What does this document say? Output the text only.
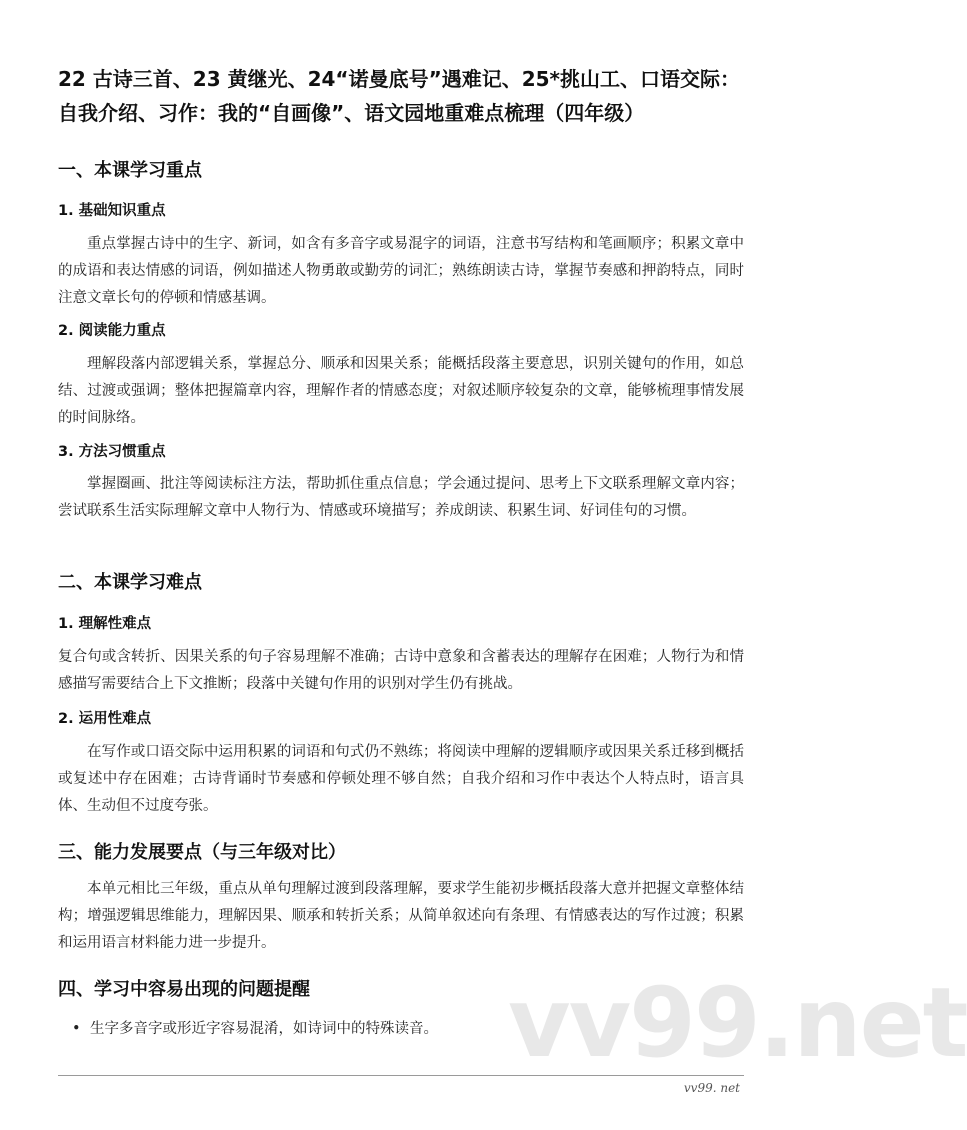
22 古诗三首、23 黄继光、24“诺曼底号”遇难记、25*挑山工、口语交际：自我介绍、习作：我的“自画像”、语文园地重难点梳理（四年级）
一、本课学习重点
1. 基础知识重点

重点掌握古诗中的生字、新词，如含有多音字或易混字的词语，注意书写结构和笔画顺序；积累文章中的成语和表达情感的词语，例如描述人物勇敢或勤劳的词汇；熟练朗读古诗，掌握节奏感和押韵特点，同时注意文章长句的停顿和情感基调。

2. 阅读能力重点

理解段落内部逻辑关系，掌握总分、顺承和因果关系；能概括段落主要意思，识别关键句的作用，如总结、过渡或强调；整体把握篇章内容，理解作者的情感态度；对叙述顺序较复杂的文章，能够梳理事情发展的时间脉络。

3. 方法习惯重点

掌握圈画、批注等阅读标注方法，帮助抓住重点信息；学会通过提问、思考上下文联系理解文章内容；尝试联系生活实际理解文章中人物行为、情感或环境描写；养成朗读、积累生词、好词佳句的习惯。

二、本课学习难点
1. 理解性难点

复合句或含转折、因果关系的句子容易理解不准确；古诗中意象和含蓄表达的理解存在困难；人物行为和情感描写需要结合上下文推断；段落中关键句作用的识别对学生仍有挑战。

2. 运用性难点

在写作或口语交际中运用积累的词语和句式仍不熟练；将阅读中理解的逻辑顺序或因果关系迁移到概括或复述中存在困难；古诗背诵时节奏感和停顿处理不够自然；自我介绍和习作中表达个人特点时，语言具体、生动但不过度夸张。

三、能力发展要点（与三年级对比）

本单元相比三年级，重点从单句理解过渡到段落理解，要求学生能初步概括段落大意并把握文章整体结构；增强逻辑思维能力，理解因果、顺承和转折关系；从简单叙述向有条理、有情感表达的写作过渡；积累和运用语言材料能力进一步提升。

四、学习中容易出现的问题提醒 vv99.net
• 生字多音字或形近字容易混淆，如诗词中的特殊读音。
vv99. net
